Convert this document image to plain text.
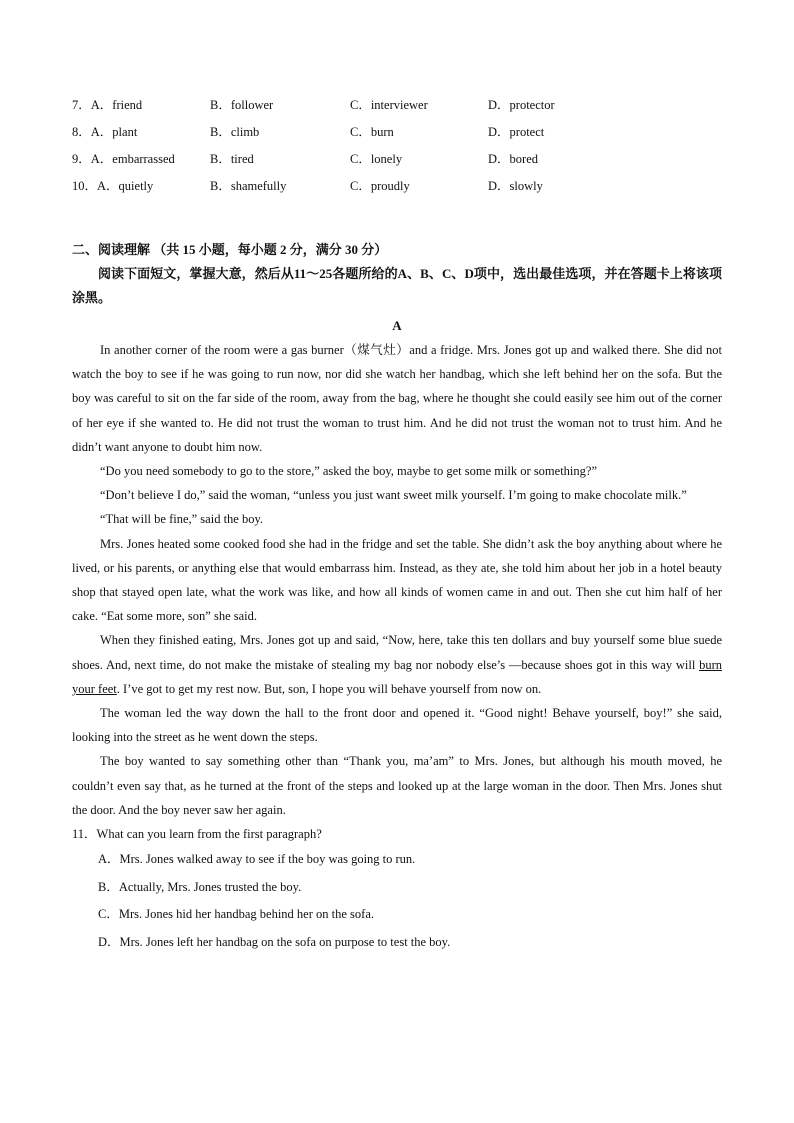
7．A．friend	B．follower	C．interviewer	D．protector
8．A．plant	B．climb	C．burn	D．protect
9．A．embarrassed	B．tired	C．lonely	D．bored
10．A．quietly	B．shamefully	C．proudly	D．slowly
二、阅读理解 （共 15 小题，每小题 2 分，满分 30 分）
阅读下面短文，掌握大意，然后从11～25各题所给的A、B、C、D项中，选出最佳选项，并在答题卡上将该项涂黑。
A

In another corner of the room were a gas burner（煤气灶）and a fridge. Mrs. Jones got up and walked there. She did not watch the boy to see if he was going to run now, nor did she watch her handbag, which she left behind her on the sofa. But the boy was careful to sit on the far side of the room, away from the bag, where he thought she could easily see him out of the corner of her eye if she wanted to. He did not trust the woman to trust him. And he did not trust the woman not to trust him. And he didn’t want anyone to doubt him now.

“Do you need somebody to go to the store,” asked the boy, maybe to get some milk or something?”

“Don’t believe I do,” said the woman, “unless you just want sweet milk yourself. I’m going to make chocolate milk.”

“That will be fine,” said the boy.

Mrs. Jones heated some cooked food she had in the fridge and set the table. She didn’t ask the boy anything about where he lived, or his parents, or anything else that would embarrass him. Instead, as they ate, she told him about her job in a hotel beauty shop that stayed open late, what the work was like, and how all kinds of women came in and out. Then she cut him half of her cake. “Eat some more, son” she said.

When they finished eating, Mrs. Jones got up and said, “Now, here, take this ten dollars and buy yourself some blue suede shoes. And, next time, do not make the mistake of stealing my bag nor nobody else’s —because shoes got in this way will burn your feet. I’ve got to get my rest now. But, son, I hope you will behave yourself from now on.

The woman led the way down the hall to the front door and opened it. “Good night! Behave yourself, boy!” she said, looking into the street as he went down the steps.

The boy wanted to say something other than “Thank you, ma’am” to Mrs. Jones, but although his mouth moved, he couldn’t even say that, as he turned at the front of the steps and looked up at the large woman in the door. Then Mrs. Jones shut the door. And the boy never saw her again.

11．What can you learn from the first paragraph?

A．Mrs. Jones walked away to see if the boy was going to run.

B．Actually, Mrs. Jones trusted the boy.

C．Mrs. Jones hid her handbag behind her on the sofa.

D．Mrs. Jones left her handbag on the sofa on purpose to test the boy.
